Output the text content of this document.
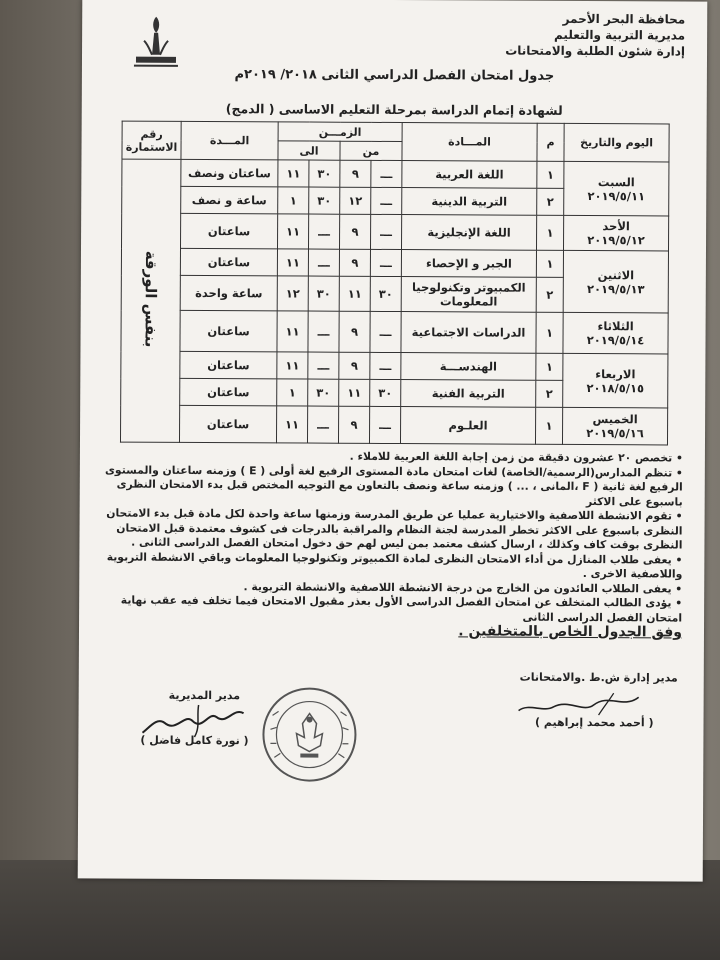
محافظة البحر الأحمر
مديرية التربية والتعليم
إدارة شئون الطلبة والامتحانات
جدول امتحان الفصل الدراسي الثانى ٢٠١٨/ ٢٠١٩م
لشهادة إتمام الدراسة بمرحلة التعليم الاساسى ( الدمج)
اليوم والتاريخ	م	المـــادة	الزمـــن				المـــدة	رقم الاستمارة
			من		الى			

السبت
٢٠١٩/٥/١١	١	اللغة العربية	ـــ	٩	٣٠	١١	ساعتان ونصف	بنفس الورقة
	٢	التربية الدينية	ـــ	١٢	٣٠	١	ساعة و نصف	

الأحد
٢٠١٩/٥/١٢	١	اللغة الإنجليزية	ـــ	٩	ـــ	١١	ساعتان	

الاثنين
٢٠١٩/٥/١٣	١	الجبر و الإحصاء	ـــ	٩	ـــ	١١	ساعتان	
	٢	الكمبيوتر وتكنولوجيا المعلومات	٣٠	١١	٣٠	١٢	ساعة واحدة	

الثلاثاء
٢٠١٩/٥/١٤	١	الدراسات الاجتماعية	ـــ	٩	ـــ	١١	ساعتان	

الاربعاء
٢٠١٨/٥/١٥	١	الهندســـة	ـــ	٩	ـــ	١١	ساعتان	
	٢	التربية الفنية	٣٠	١١	٣٠	١	ساعتان	

الخميس
٢٠١٩/٥/١٦	١	العلـوم	ـــ	٩	ـــ	١١	ساعتان	

• تخصص ٢٠ عشرون دقيقة من زمن إجابة اللغة العربية للاملاء .

• تنظم المدارس(الرسمية/الخاصة) لغات امتحان مادة المستوى الرفيع لغة أولى ( E ) وزمنه ساعتان والمستوى الرفيع لغة ثانية ( F ،المانى ، ... ) وزمنه ساعة ونصف بالتعاون مع التوجيه المختص قبل بدء الامتحان النظرى باسبوع على الاكثر

• تقوم الانشطة اللاصفية والاختيارية عمليا عن طريق المدرسة وزمنها ساعة واحدة لكل مادة قبل بدء الامتحان النظرى باسبوع على الاكثر تخطر المدرسة لجنة النظام والمراقبة بالدرجات فى كشوف معتمدة قبل الامتحان النظرى بوقت كاف وكذلك ، ارسال كشف معتمد بمن ليس لهم حق دخول امتحان الفصل الدراسى الثانى .

• يعفى طلاب المنازل من أداء الامتحان النظرى لمادة الكمبيوتر وتكنولوجيا المعلومات وباقي الانشطة التربوية واللاصفية الاخرى .

• يعفى الطلاب العائدون من الخارج من درجة الانشطة اللاصفية والانشطة التربوية .

• يؤدى الطالب المتخلف عن امتحان الفصل الدراسى الأول بعذر مقبول الامتحان فيما تخلف فيه عقب نهاية امتحان الفصل الدراسى الثانى

وفق الجدول الخاص بالمتخلفين .

مدير إدارة ش.ط .والامتحانات
( أحمد محمد إبراهيم )
مدير المديرية
( نورة كامل فاضل )
